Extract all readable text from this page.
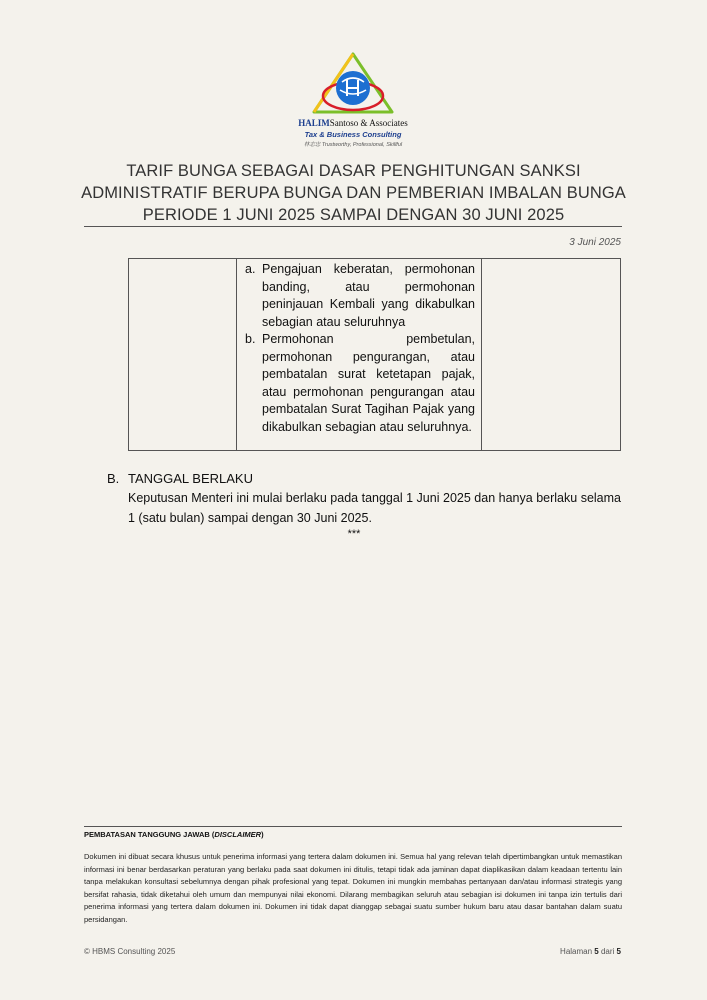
HALIMSantoso & Associates
Tax & Business Consulting
林志忠 Trustworthy, Professional, Skillful
TARIF BUNGA SEBAGAI DASAR PENGHITUNGAN SANKSI
ADMINISTRATIF BERUPA BUNGA DAN PEMBERIAN IMBALAN BUNGA
PERIODE 1 JUNI 2025 SAMPAI DENGAN 30 JUNI 2025
3 Juni 2025

a. Pengajuan keberatan, permohonan banding, atau permohonan peninjauan Kembali yang dikabulkan sebagian atau seluruhnya
b. Permohonan pembetulan, permohonan pengurangan, atau pembatalan surat ketetapan pajak, atau permohonan pengurangan atau pembatalan Surat Tagihan Pajak yang dikabulkan sebagian atau seluruhnya.

B. TANGGAL BERLAKU
Keputusan Menteri ini mulai berlaku pada tanggal 1 Juni 2025 dan hanya berlaku selama 1 (satu bulan) sampai dengan 30 Juni 2025.
***
PEMBATASAN TANGGUNG JAWAB (DISCLAIMER)
Dokumen ini dibuat secara khusus untuk penerima informasi yang tertera dalam dokumen ini. Semua hal yang relevan telah dipertimbangkan untuk memastikan informasi ini benar berdasarkan peraturan yang berlaku pada saat dokumen ini ditulis, tetapi tidak ada jaminan dapat diaplikasikan dalam keadaan tertentu lain tanpa melakukan konsultasi sebelumnya dengan pihak profesional yang tepat. Dokumen ini mungkin membahas pertanyaan dan/atau informasi strategis yang bersifat rahasia, tidak diketahui oleh umum dan mempunyai nilai ekonomi. Dilarang membagikan seluruh atau sebagian isi dokumen ini tanpa izin tertulis dari penerima informasi yang tertera dalam dokumen ini. Dokumen ini tidak dapat dianggap sebagai suatu sumber hukum baru atau dasar bantahan dalam suatu persidangan.
© HBMS Consulting 2025	Halaman 5 dari 5
